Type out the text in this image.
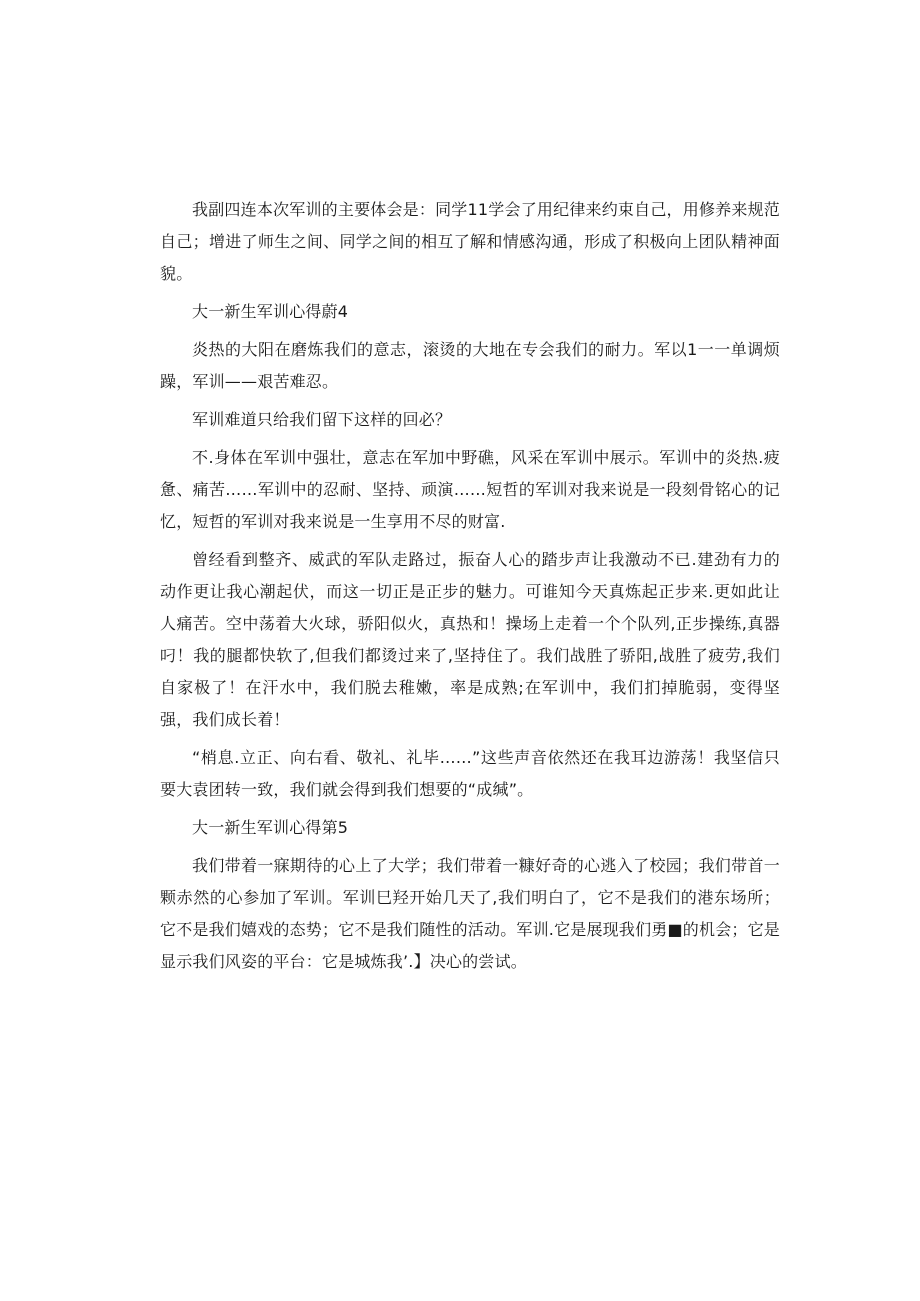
我副四连本次军训的主要体会是：同学11学会了用纪律来约束自己，用修养来规范自己；增进了师生之间、同学之间的相互了解和情感沟通，形成了积极向上团队精神面貌。

大一新生军训心得蔚4

炎热的大阳在磨炼我们的意志，滚烫的大地在专会我们的耐力。军以1一一单调烦躁，军训——艰苦难忍。

军训难道只给我们留下这样的回必？

不.身体在军训中强壮，意志在军加中野礁，风采在军训中展示。军训中的炎热.疲惫、痛苦……军训中的忍耐、坚持、顽演……短哲的军训对我来说是一段刻骨铭心的记忆，短哲的军训对我来说是一生享用不尽的财富.

曾经看到整齐、威武的军队走路过，振奋人心的踏步声让我激动不已.建劲有力的动作更让我心潮起伏，而这一切正是正步的魅力。可谁知今天真炼起正步来.更如此让人痛苦。空中荡着大火球，骄阳似火，真热和！操场上走着一个个队列,正步操练,真器叼！我的腿都快软了,但我们都烫过来了,坚持住了。我们战胜了骄阳,战胜了疲劳,我们自家极了！在汗水中，我们脱去稚嫩，率是成熟;在军训中，我们扪掉脆弱，变得坚强，我们成长着！

“梢息.立正、向右看、敬礼、礼毕……”这些声音依然还在我耳边游荡！我坚信只要大袁团转一致，我们就会得到我们想要的“成缄”。

大一新生军训心得第5

我们带着一寐期待的心上了大学；我们带着一糠好奇的心逃入了校园；我们带首一颗赤然的心参加了军训。军训巳羟开始几天了,我们明白了，它不是我们的港东场所；它不是我们嬉戏的态势；它不是我们随性的活动。军训.它是展现我们勇■的机会；它是显示我们风姿的平台：它是城炼我’.】决心的尝试。
